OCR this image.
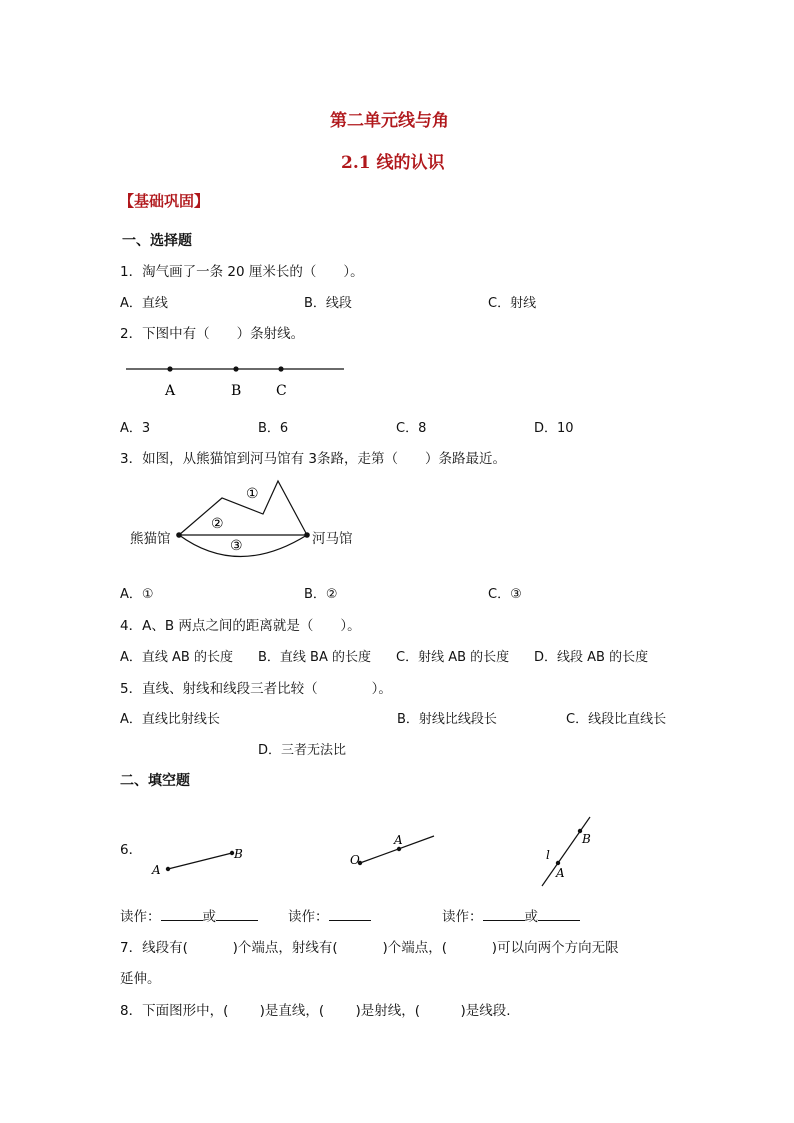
第二单元线与角
2.1 线的认识
【基础巩固】
一、选择题
1．淘气画了一条 20 厘米长的（　　）。
A．直线	B．线段	C．射线
2．下图中有（　　）条射线。
A	B C
A．3	B．6	C．8	D．10
3．如图，从熊猫馆到河马馆有 3条路，走第（　　）条路最近。
①
②
③
熊猫馆	河马馆
A．①	B．②	C．③
4．A、B 两点之间的距离就是（　　）。
A．直线 AB 的长度 B．直线 BA 的长度 C．射线 AB 的长度 D．线段 AB 的长度
5．直线、射线和线段三者比较（　　　　）。
A．直线比射线长	B．射线比线段长	C．线段比直线长
D．三者无法比
二、填空题
6．
A
B	O
A
l
B
A
读作：	或	读作：	读作：	或
7．线段有(　　　 )个端点，射线有(　　　 )个端点，(　　　 )可以向两个方向无限
延伸。
8．下面图形中，(　　 )是直线，(　　 )是射线，(　　　)是线段.
